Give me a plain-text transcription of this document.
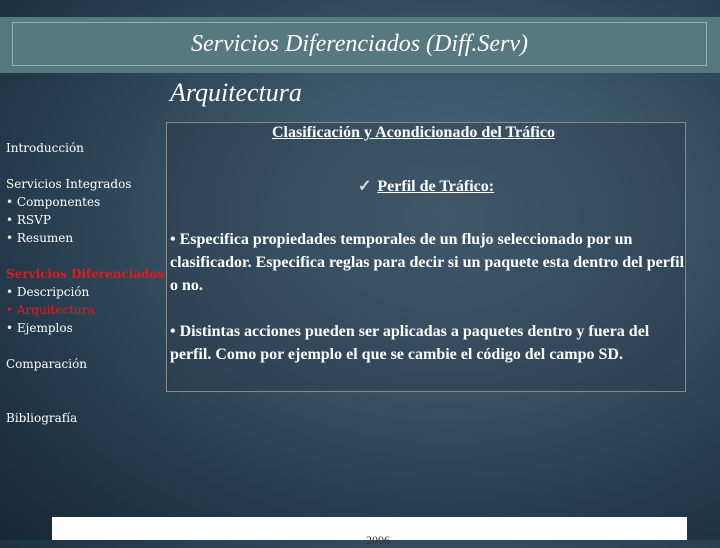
Servicios Diferenciados (Diff.Serv)
Arquitectura
Introducción
Servicios Integrados
• Componentes
• RSVP
• Resumen
Servicios Diferenciados
• Descripción
• Arquitectura
• Ejemplos
Comparación
Bibliografía
Clasificación y Acondicionado del Tráfico
✓ Perfil de Tráfico:
• Especifica propiedades temporales de un flujo seleccionado por un clasificador. Especifica reglas para decir si un paquete esta dentro del perfil o no.
• Distintas acciones pueden ser aplicadas a paquetes dentro y fuera del perfil. Como por ejemplo el que se cambie el código del campo SD.
2006
